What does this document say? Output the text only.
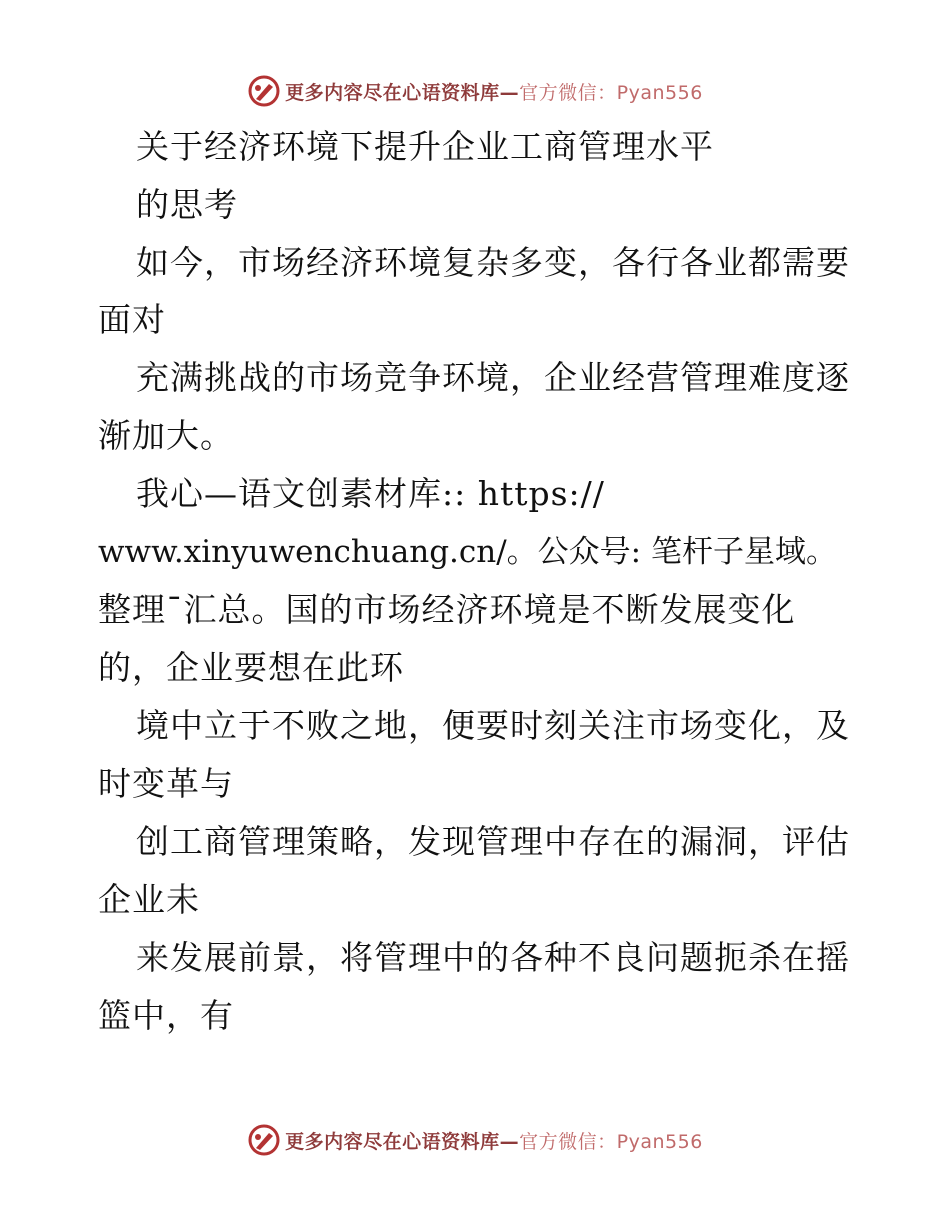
更多内容尽在心语资料库—官方微信：Pyan556
关于经济环境下提升企业工商管理水平
的思考
如今，市场经济环境复杂多变，各行各业都需要
面对
充满挑战的市场竞争环境，企业经营管理难度逐
渐加大。
我心—语文创素材库:: https://
www.xinyuwenchuang.cn/。公众号: 笔杆子星域。
整理¯汇总。国的市场经济环境是不断发展变化
的，企业要想在此环
境中立于不败之地，便要时刻关注市场变化，及
时变革与
创工商管理策略，发现管理中存在的漏洞，评估
企业未
来发展前景，将管理中的各种不良问题扼杀在摇
篮中，有
更多内容尽在心语资料库—官方微信：Pyan556
